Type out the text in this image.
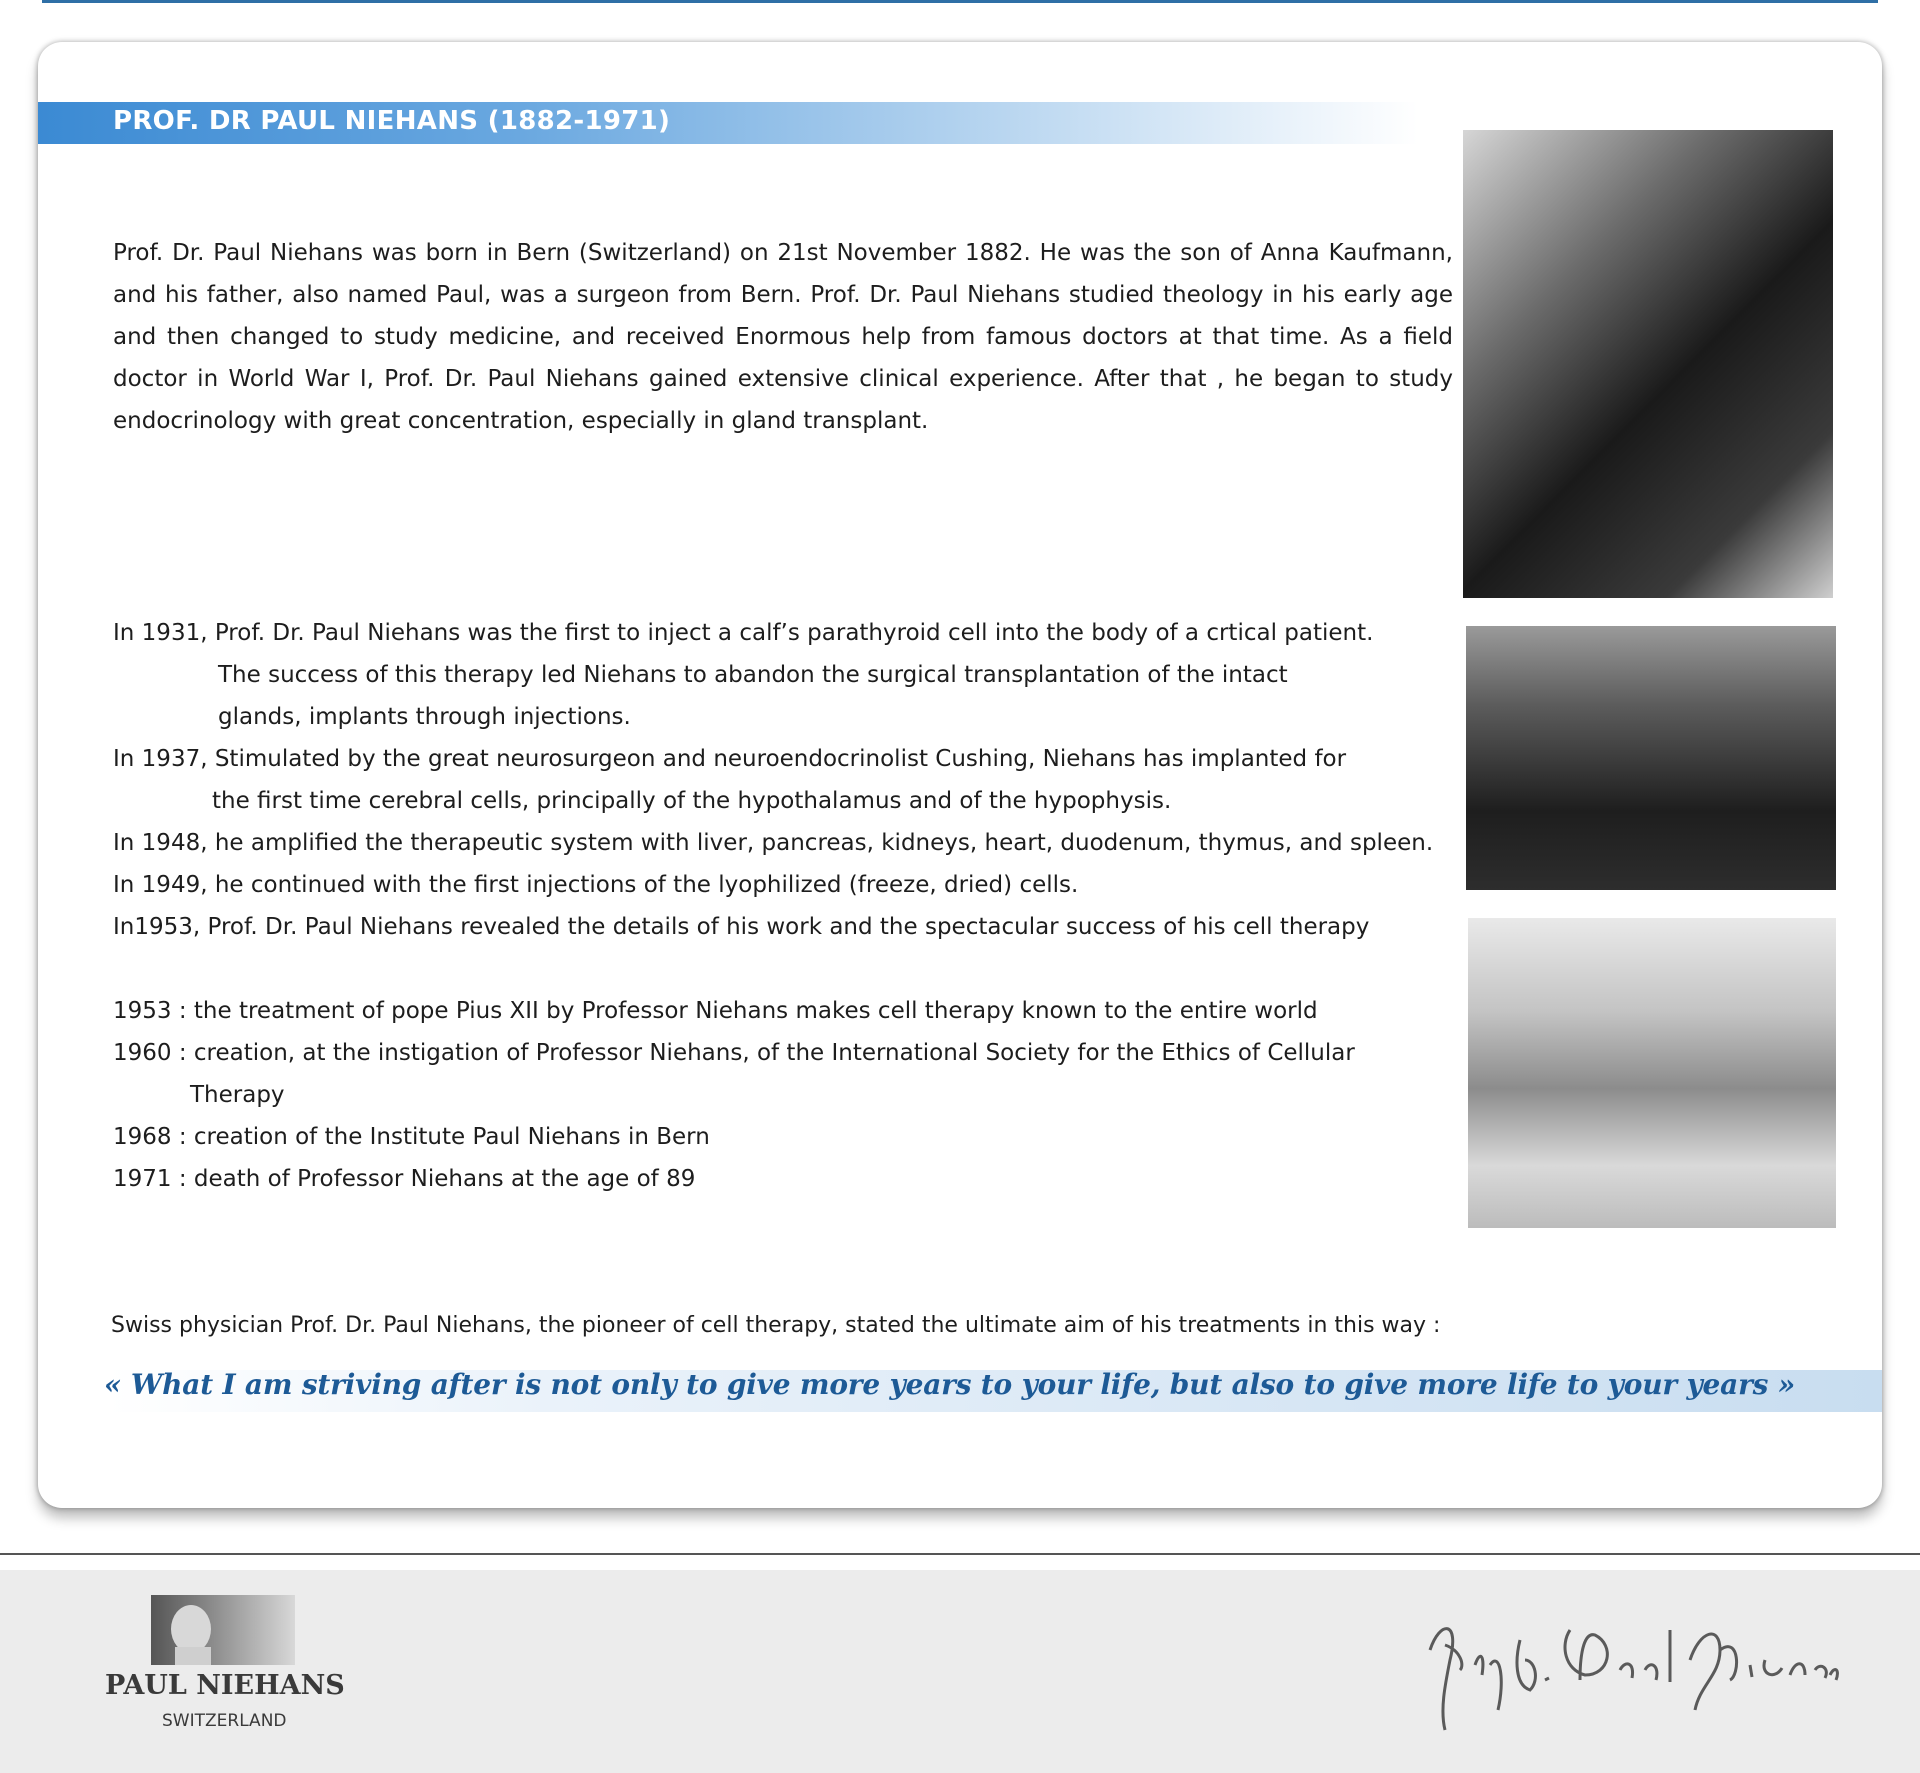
PROF. DR PAUL NIEHANS (1882-1971)

Prof. Dr. Paul Niehans was born in Bern (Switzerland) on 21st November 1882. He was the son of Anna Kaufmann, and his father, also named Paul, was a surgeon from Bern. Prof. Dr. Paul Niehans studied theology in his early age and then changed to study medicine, and received Enormous help from famous doctors at that time. As a field doctor in World War I, Prof. Dr. Paul Niehans gained extensive clinical experience. After that , he began to study endocrinology with great concentration, especially in gland transplant.

In 1931, Prof. Dr. Paul Niehans was the first to inject a calf’s parathyroid cell into the body of a crtical patient.
The success of this therapy led Niehans to abandon the surgical transplantation of the intact
glands, implants through injections.
In 1937, Stimulated by the great neurosurgeon and neuroendocrinolist Cushing, Niehans has implanted for
the first time cerebral cells, principally of the hypothalamus and of the hypophysis.
In 1948, he amplified the therapeutic system with liver, pancreas, kidneys, heart, duodenum, thymus, and spleen.
In 1949, he continued with the first injections of the lyophilized (freeze, dried) cells.
In1953, Prof. Dr. Paul Niehans revealed the details of his work and the spectacular success of his cell therapy
1953 : the treatment of pope Pius XII by Professor Niehans makes cell therapy known to the entire world
1960 : creation, at the instigation of Professor Niehans, of the International Society for the Ethics of Cellular
Therapy
1968 : creation of the Institute Paul Niehans in Bern
1971 : death of Professor Niehans at the age of 89
Swiss physician Prof. Dr. Paul Niehans, the pioneer of cell therapy, stated the ultimate aim of his treatments in this way :
« What I am striving after is not only to give more years to your life, but also to give more life to your years »
PAUL NIEHANS
SWITZERLAND
